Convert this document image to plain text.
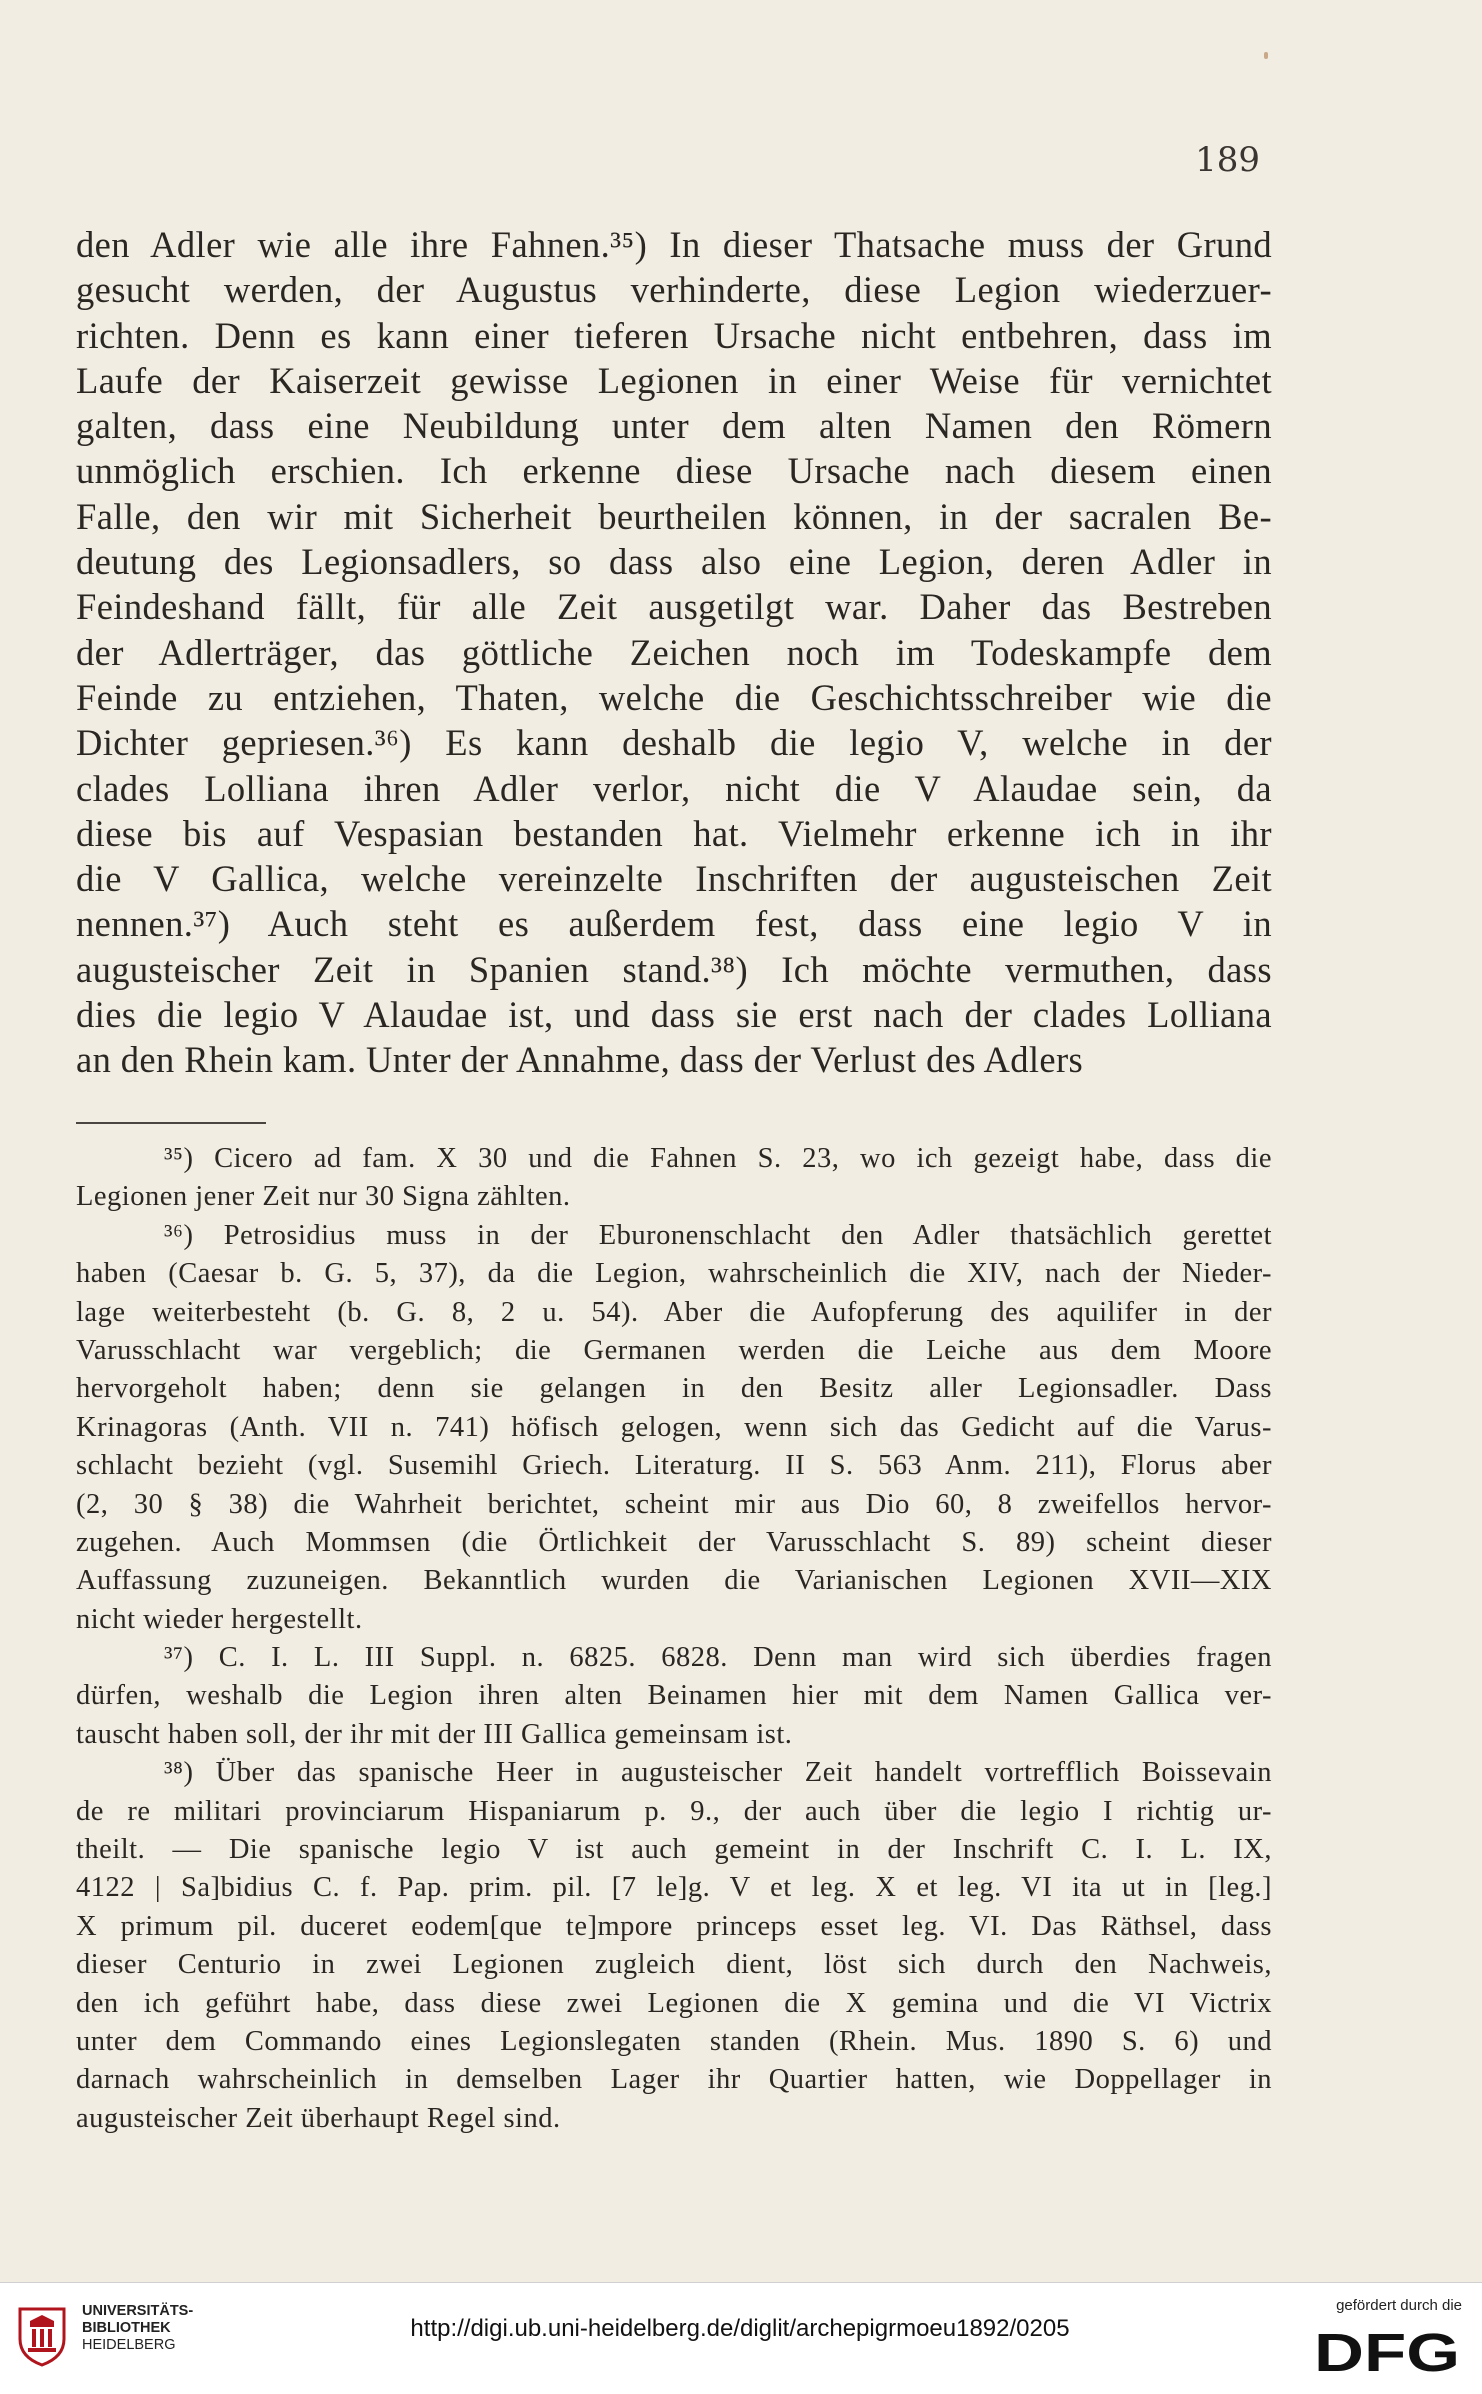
189
den Adler wie alle ihre Fahnen.³⁵) In dieser Thatsache muss der Grund
gesucht werden, der Augustus verhinderte, diese Legion wiederzuer-
richten. Denn es kann einer tieferen Ursache nicht entbehren, dass im
Laufe der Kaiserzeit gewisse Legionen in einer Weise für vernichtet
galten, dass eine Neubildung unter dem alten Namen den Römern
unmöglich erschien. Ich erkenne diese Ursache nach diesem einen
Falle, den wir mit Sicherheit beurtheilen können, in der sacralen Be-
deutung des Legionsadlers, so dass also eine Legion, deren Adler in
Feindeshand fällt, für alle Zeit ausgetilgt war. Daher das Bestreben
der Adlerträger, das göttliche Zeichen noch im Todeskampfe dem
Feinde zu entziehen, Thaten, welche die Geschichtsschreiber wie die
Dichter gepriesen.³⁶) Es kann deshalb die legio V, welche in der
clades Lolliana ihren Adler verlor, nicht die V Alaudae sein, da
diese bis auf Vespasian bestanden hat. Vielmehr erkenne ich in ihr
die V Gallica, welche vereinzelte Inschriften der augusteischen Zeit
nennen.³⁷) Auch steht es außerdem fest, dass eine legio V in
augusteischer Zeit in Spanien stand.³⁸) Ich möchte vermuthen, dass
dies die legio V Alaudae ist, und dass sie erst nach der clades Lolliana
an den Rhein kam. Unter der Annahme, dass der Verlust des Adlers
³⁵) Cicero ad fam. X 30 und die Fahnen S. 23, wo ich gezeigt habe, dass die
Legionen jener Zeit nur 30 Signa zählten.
³⁶) Petrosidius muss in der Eburonenschlacht den Adler thatsächlich gerettet
haben (Caesar b. G. 5, 37), da die Legion, wahrscheinlich die XIV, nach der Nieder-
lage weiterbesteht (b. G. 8, 2 u. 54). Aber die Aufopferung des aquilifer in der
Varusschlacht war vergeblich; die Germanen werden die Leiche aus dem Moore
hervorgeholt haben; denn sie gelangen in den Besitz aller Legionsadler. Dass
Krinagoras (Anth. VII n. 741) höfisch gelogen, wenn sich das Gedicht auf die Varus-
schlacht bezieht (vgl. Susemihl Griech. Literaturg. II S. 563 Anm. 211), Florus aber
(2, 30 § 38) die Wahrheit berichtet, scheint mir aus Dio 60, 8 zweifellos hervor-
zugehen. Auch Mommsen (die Örtlichkeit der Varusschlacht S. 89) scheint dieser
Auffassung zuzuneigen. Bekanntlich wurden die Varianischen Legionen XVII—XIX
nicht wieder hergestellt.
³⁷) C. I. L. III Suppl. n. 6825. 6828. Denn man wird sich überdies fragen
dürfen, weshalb die Legion ihren alten Beinamen hier mit dem Namen Gallica ver-
tauscht haben soll, der ihr mit der III Gallica gemeinsam ist.
³⁸) Über das spanische Heer in augusteischer Zeit handelt vortrefflich Boissevain
de re militari provinciarum Hispaniarum p. 9., der auch über die legio I richtig ur-
theilt. — Die spanische legio V ist auch gemeint in der Inschrift C. I. L. IX,
4122 | Sa]bidius C. f. Pap. prim. pil. [7 le]g. V et leg. X et leg. VI ita ut in [leg.]
X primum pil. duceret eodem[que te]mpore princeps esset leg. VI. Das Räthsel, dass
dieser Centurio in zwei Legionen zugleich dient, löst sich durch den Nachweis,
den ich geführt habe, dass diese zwei Legionen die X gemina und die VI Victrix
unter dem Commando eines Legionslegaten standen (Rhein. Mus. 1890 S. 6) und
darnach wahrscheinlich in demselben Lager ihr Quartier hatten, wie Doppellager in
augusteischer Zeit überhaupt Regel sind.
UNIVERSITÄTS-
BIBLIOTHEK
HEIDELBERG
http://digi.ub.uni-heidelberg.de/diglit/archepigrmoeu1892/0205
gefördert durch die
DFG
